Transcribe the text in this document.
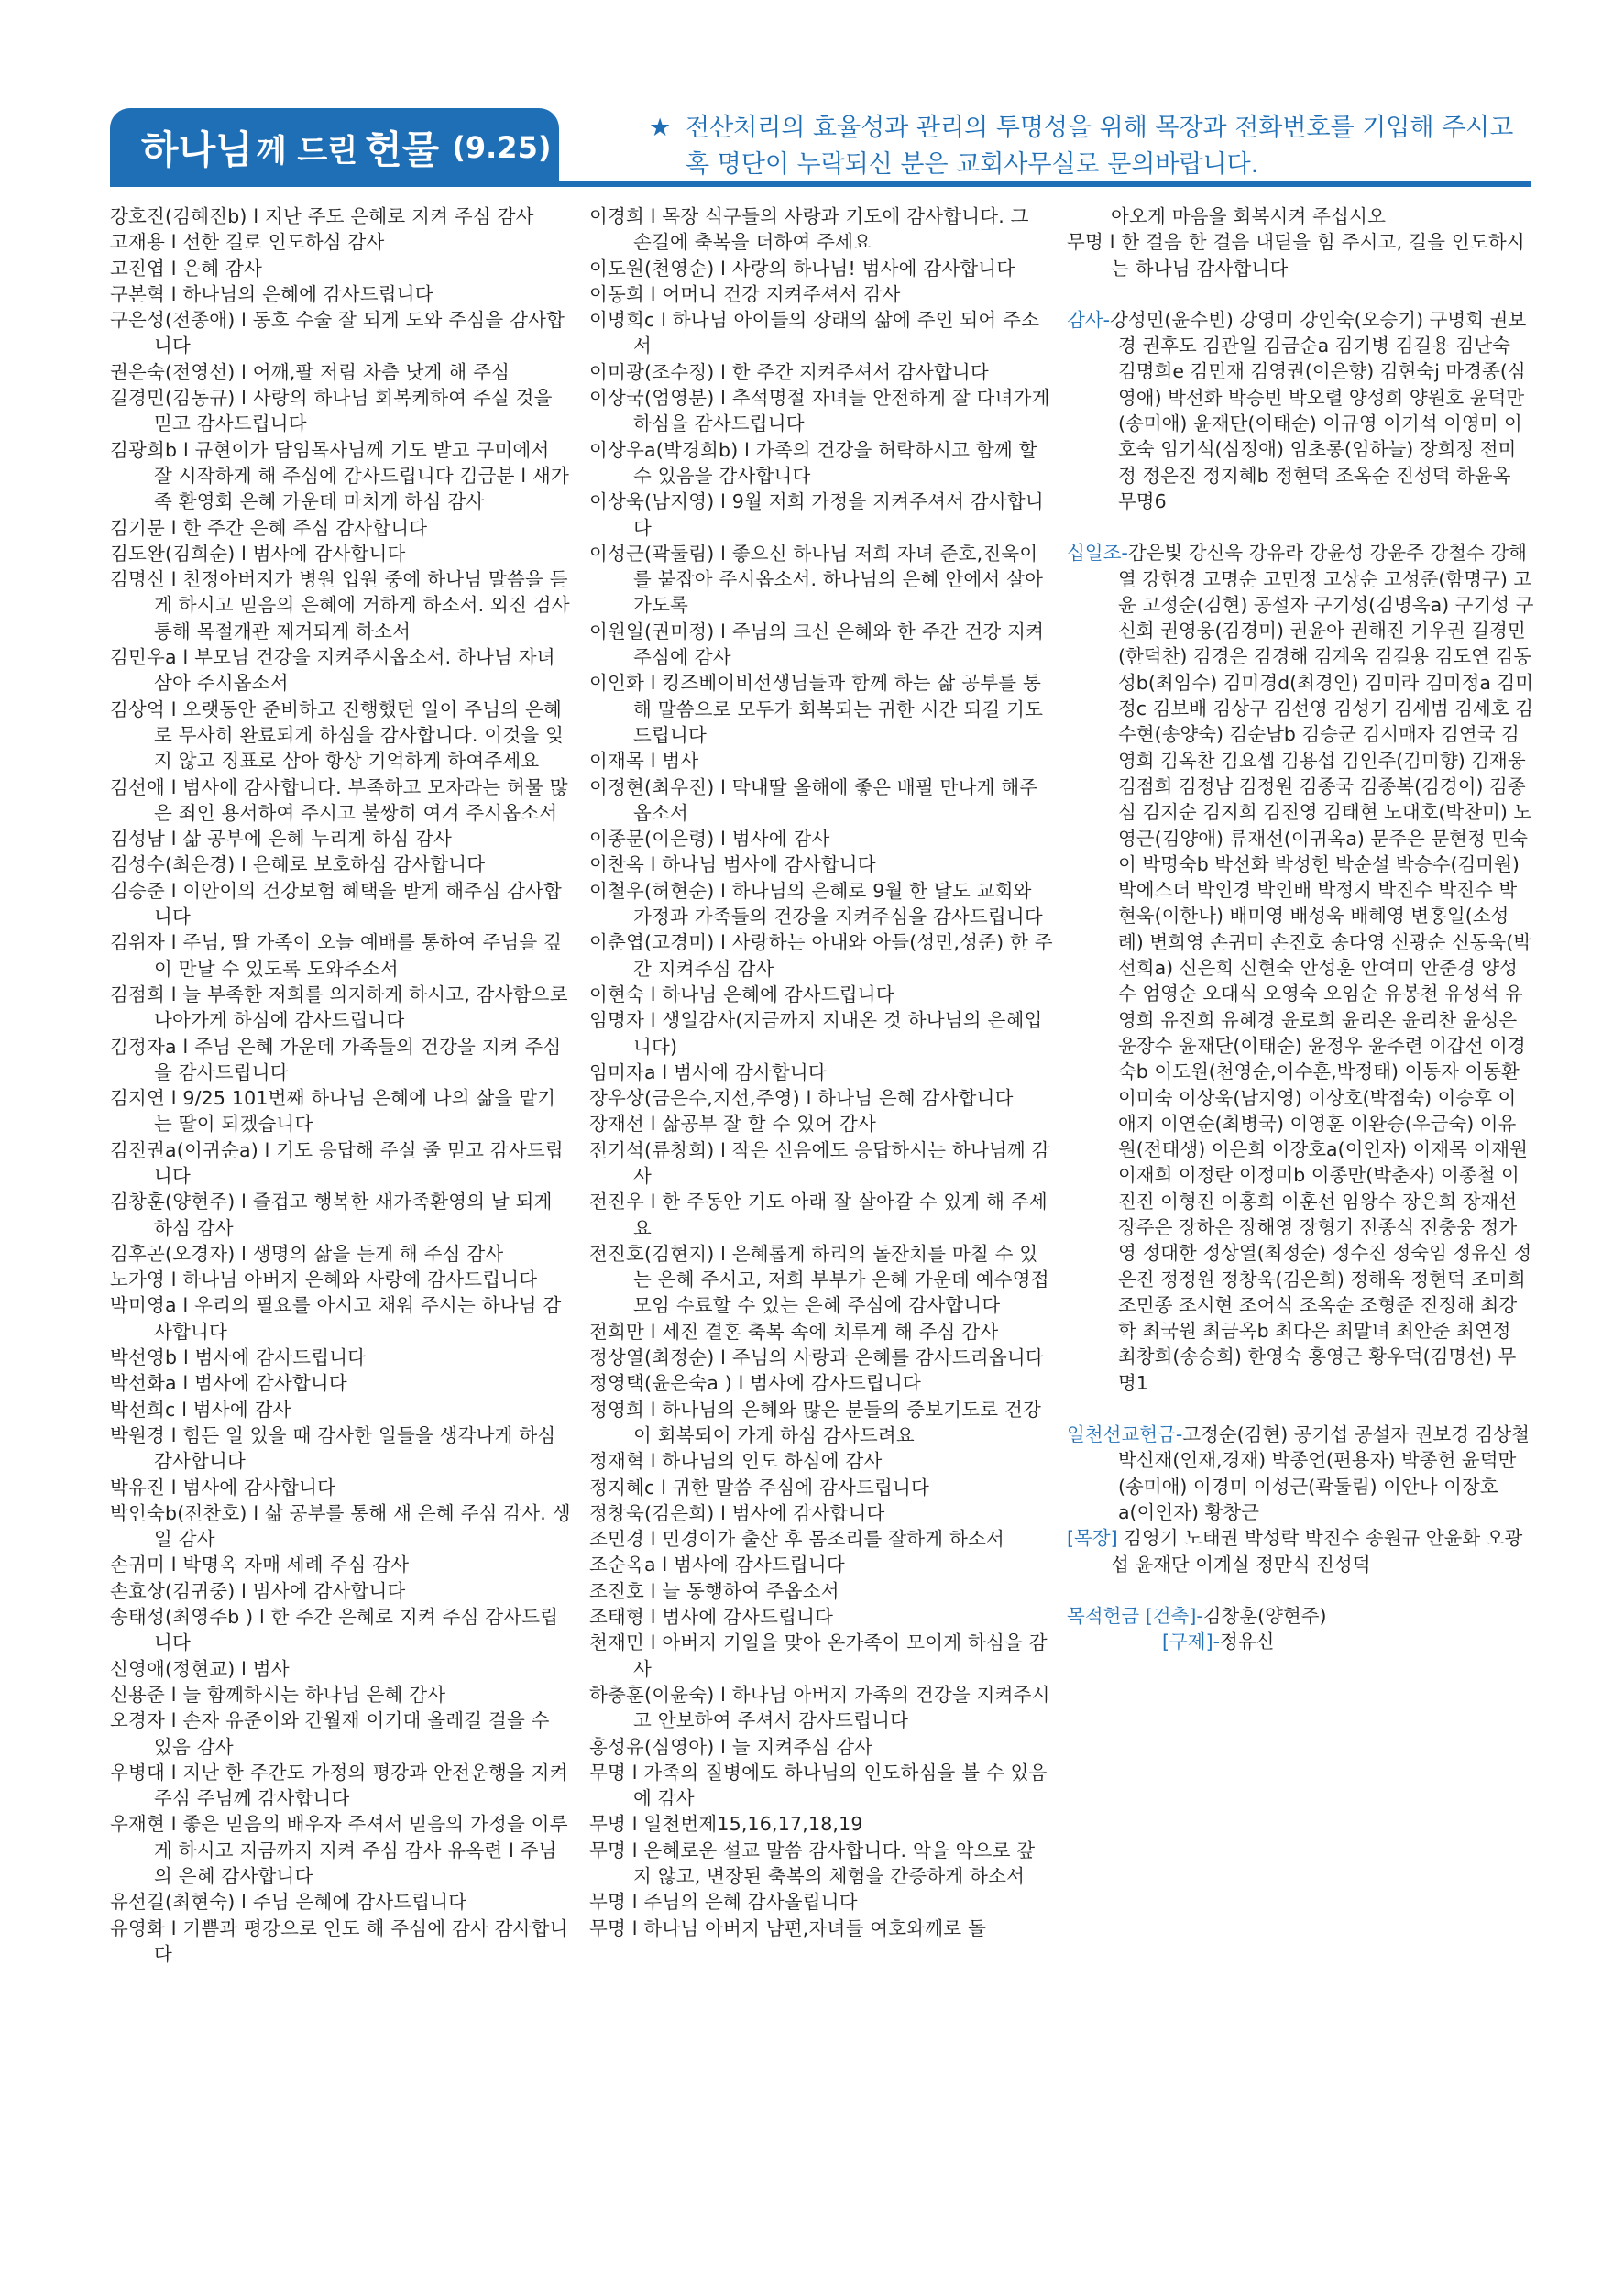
하나님 께 드린 헌물 (9.25)
★ 전산처리의 효율성과 관리의 투명성을 위해 목장과 전화번호를 기입해 주시고 혹 명단이 누락되신 분은 교회사무실로 문의바랍니다.
강호진(김혜진b) l 지난 주도 은혜로 지켜 주심 감사
고재용 l 선한 길로 인도하심 감사
고진엽 l 은혜 감사
구본혁 l 하나님의 은혜에 감사드립니다
구은성(전종애) l 동호 수술 잘 되게 도와 주심을 감사합니다
권은숙(전영선) l 어깨,팔 저림 차츰 낫게 해 주심
길경민(김동규) l 사랑의 하나님 회복케하여 주실 것을 믿고 감사드립니다
김광희b l 규현이가 담임목사님께 기도 받고 구미에서 잘 시작하게 해 주심에 감사드립니다 김금분 l 새가족 환영회 은혜 가운데 마치게 하심 감사
김기문 l 한 주간 은혜 주심 감사합니다
김도완(김희순) l 범사에 감사합니다
김명신 l 친정아버지가 병원 입원 중에 하나님 말씀을 듣게 하시고 믿음의 은혜에 거하게 하소서. 외진 검사 통해 목절개관 제거되게 하소서
김민우a l 부모님 건강을 지켜주시옵소서. 하나님 자녀 삼아 주시옵소서
김상억 l 오랫동안 준비하고 진행했던 일이 주님의 은혜로 무사히 완료되게 하심을 감사합니다. 이것을 잊지 않고 징표로 삼아 항상 기억하게 하여주세요
김선애 l 범사에 감사합니다. 부족하고 모자라는 허물 많은 죄인 용서하여 주시고 불쌍히 여겨 주시옵소서
김성남 l 삶 공부에 은혜 누리게 하심 감사
김성수(최은경) l 은혜로 보호하심 감사합니다
김승준 l 이안이의 건강보험 혜택을 받게 해주심 감사합니다
김위자 l 주님, 딸 가족이 오늘 예배를 통하여 주님을 깊이 만날 수 있도록 도와주소서
김점희 l 늘 부족한 저희를 의지하게 하시고, 감사함으로 나아가게 하심에 감사드립니다
김정자a l 주님 은혜 가운데 가족들의 건강을 지켜 주심을 감사드립니다
김지연 l 9/25 101번째 하나님 은혜에 나의 삶을 맡기는 딸이 되겠습니다
김진권a(이귀순a) l 기도 응답해 주실 줄 믿고 감사드립니다
김창훈(양현주) l 즐겁고 행복한 새가족환영의 날 되게 하심 감사
김후곤(오경자) l 생명의 삶을 듣게 해 주심 감사
노가영 l 하나님 아버지 은혜와 사랑에 감사드립니다
박미영a l 우리의 필요를 아시고 채워 주시는 하나님 감사합니다
박선영b l 범사에 감사드립니다
박선화a l 범사에 감사합니다
박선희c l 범사에 감사
박원경 l 힘든 일 있을 때 감사한 일들을 생각나게 하심 감사합니다
박유진 l 범사에 감사합니다
박인숙b(전찬호) l 삶 공부를 통해 새 은혜 주심 감사. 생일 감사
손귀미 l 박명옥 자매 세례 주심 감사
손효상(김귀중) l 범사에 감사합니다
송태성(최영주b ) l 한 주간 은혜로 지켜 주심 감사드립니다
신영애(정현교) l 범사
신용준 l 늘 함께하시는 하나님 은혜 감사
오경자 l 손자 유준이와 간월재 이기대 올레길 걸을 수 있음 감사
우병대 l 지난 한 주간도 가정의 평강과 안전운행을 지켜 주심 주님께 감사합니다
우재현 l 좋은 믿음의 배우자 주셔서 믿음의 가정을 이루게 하시고 지금까지 지켜 주심 감사 유옥련 l 주님의 은혜 감사합니다
유선길(최현숙) l 주님 은혜에 감사드립니다
유영화 l 기쁨과 평강으로 인도 해 주심에 감사 감사합니다
이경희 l 목장 식구들의 사랑과 기도에 감사합니다. 그 손길에 축복을 더하여 주세요
이도원(천영순) l 사랑의 하나님! 범사에 감사합니다
이동희 l 어머니 건강 지켜주셔서 감사
이명희c l 하나님 아이들의 장래의 삶에 주인 되어 주소서
이미광(조수정) l 한 주간 지켜주셔서 감사합니다
이상국(엄영분) l 추석명절 자녀들 안전하게 잘 다녀가게 하심을 감사드립니다
이상우a(박경희b) l 가족의 건강을 허락하시고 함께 할 수 있음을 감사합니다
이상욱(남지영) l 9월 저희 가정을 지켜주셔서 감사합니다
이성근(곽둘림) l 좋으신 하나님 저희 자녀 준호,진욱이를 붙잡아 주시옵소서. 하나님의 은혜 안에서 살아가도록
이원일(권미정) l 주님의 크신 은혜와 한 주간 건강 지켜주심에 감사
이인화 l 킹즈베이비선생님들과 함께 하는 삶 공부를 통해 말씀으로 모두가 회복되는 귀한 시간 되길 기도 드립니다
이재목 l 범사
이정현(최우진) l 막내딸 올해에 좋은 배필 만나게 해주옵소서
이종문(이은령) l 범사에 감사
이찬옥 l 하나님 범사에 감사합니다
이철우(허현순) l 하나님의 은혜로 9월 한 달도 교회와 가정과 가족들의 건강을 지켜주심을 감사드립니다
이춘엽(고경미) l 사랑하는 아내와 아들(성민,성준) 한 주간 지켜주심 감사
이현숙 l 하나님 은혜에 감사드립니다
임명자 l 생일감사(지금까지 지내온 것 하나님의 은혜입니다)
임미자a l 범사에 감사합니다
장우상(금은수,지선,주영) l 하나님 은혜 감사합니다
장재선 l 삶공부 잘 할 수 있어 감사
전기석(류창희) l 작은 신음에도 응답하시는 하나님께 감사
전진우 l 한 주동안 기도 아래 잘 살아갈 수 있게 해 주세요
전진호(김현지) l 은혜롭게 하리의 돌잔치를 마칠 수 있는 은혜 주시고, 저희 부부가 은혜 가운데 예수영접모임 수료할 수 있는 은혜 주심에 감사합니다
전희만 l 세진 결혼 축복 속에 치루게 해 주심 감사
정상열(최정순) l 주님의 사랑과 은혜를 감사드리옵니다
정영택(윤은숙a ) l 범사에 감사드립니다
정영희 l 하나님의 은혜와 많은 분들의 중보기도로 건강이 회복되어 가게 하심 감사드려요
정재혁 l 하나님의 인도 하심에 감사
정지혜c l 귀한 말씀 주심에 감사드립니다
정창욱(김은희) l 범사에 감사합니다
조민경 l 민경이가 출산 후 몸조리를 잘하게 하소서
조순옥a l 범사에 감사드립니다
조진호 l 늘 동행하여 주옵소서
조태형 l 범사에 감사드립니다
천재민 l 아버지 기일을 맞아 온가족이 모이게 하심을 감사
하충훈(이윤숙) l 하나님 아버지 가족의 건강을 지켜주시고 안보하여 주셔서 감사드립니다
홍성유(심영아) l 늘 지켜주심 감사
무명 l 가족의 질병에도 하나님의 인도하심을 볼 수 있음에 감사
무명 l 일천번제15,16,17,18,19
무명 l 은혜로운 설교 말씀 감사합니다. 악을 악으로 갚지 않고, 변장된 축복의 체험을 간증하게 하소서
무명 l 주님의 은혜 감사올립니다
무명 l 하나님 아버지 남편,자녀들 여호와께로 돌
아오게 마음을 회복시켜 주십시오
무명 l 한 걸음 한 걸음 내딛을 힘 주시고, 길을 인도하시는 하나님 감사합니다
감사-강성민(윤수빈) 강영미 강인숙(오승기) 구명회 권보경 권후도 김관일 김금순a 김기병 김길용 김난숙 김명희e 김민재 김영권(이은향) 김현숙j 마경종(심영애) 박선화 박승빈 박오렬 양성희 양원호 윤덕만(송미애) 윤재단(이태순) 이규영 이기석 이영미 이호숙 임기석(심정애) 임초롱(임하늘) 장희정 전미정 정은진 정지혜b 정현덕 조옥순 진성덕 하윤옥 무명6
십일조-감은빛 강신욱 강유라 강윤성 강윤주 강철수 강해열 강현경 고명순 고민정 고상순 고성준(함명구) 고윤 고정순(김현) 공설자 구기성(김명옥a) 구기성 구신회 권영웅(김경미) 권윤아 권해진 기우권 길경민(한덕찬) 김경은 김경해 김계옥 김길용 김도연 김동성b(최임수) 김미경d(최경인) 김미라 김미정a 김미정c 김보배 김상구 김선영 김성기 김세범 김세호 김수현(송양숙) 김순남b 김승군 김시매자 김연국 김영희 김옥찬 김요셉 김용섭 김인주(김미향) 김재웅 김점희 김정남 김정원 김종국 김종복(김경이) 김종심 김지순 김지희 김진영 김태현 노대호(박찬미) 노영근(김양애) 류재선(이귀옥a) 문주은 문현정 민숙이 박명숙b 박선화 박성헌 박순설 박승수(김미원) 박에스더 박인경 박인배 박정지 박진수 박진수 박현욱(이한나) 배미영 배성욱 배혜영 변홍일(소성례) 변희영 손귀미 손진호 송다영 신광순 신동욱(박선희a) 신은희 신현숙 안성훈 안여미 안준경 양성수 엄영순 오대식 오영숙 오임순 유봉천 유성석 유영희 유진희 유혜경 윤로희 윤리온 윤리찬 윤성은 윤장수 윤재단(이태순) 윤정우 윤주련 이갑선 이경숙b 이도원(천영순,이수훈,박정태) 이동자 이동환 이미숙 이상욱(남지영) 이상호(박점숙) 이승후 이애지 이연순(최병국) 이영훈 이완승(우금숙) 이유원(전태생) 이은희 이장호a(이인자) 이재목 이재원 이재희 이정란 이정미b 이종만(박춘자) 이종철 이진진 이형진 이홍희 이훈선 임왕수 장은희 장재선 장주은 장하은 장해영 장형기 전종식 전충웅 정가영 정대한 정상열(최정순) 정수진 정숙임 정유신 정은진 정정원 정창욱(김은희) 정해옥 정현덕 조미희 조민종 조시현 조어식 조옥순 조형준 진정해 최강학 최국원 최금옥b 최다은 최말녀 최안준 최연정 최창희(송승희) 한영숙 홍영근 황우덕(김명선) 무명1
일천선교헌금-고정순(김현) 공기섭 공설자 권보경 김상철 박신재(인재,경재) 박종언(편용자) 박종헌 윤덕만(송미애) 이경미 이성근(곽둘림) 이안나 이장호a(이인자) 황창근
[목장] 김영기 노태권 박성락 박진수 송원규 안윤화 오광섭 윤재단 이계실 정만식 진성덕
목적헌금 [건축]-김창훈(양현주)
[구제]-정유신
